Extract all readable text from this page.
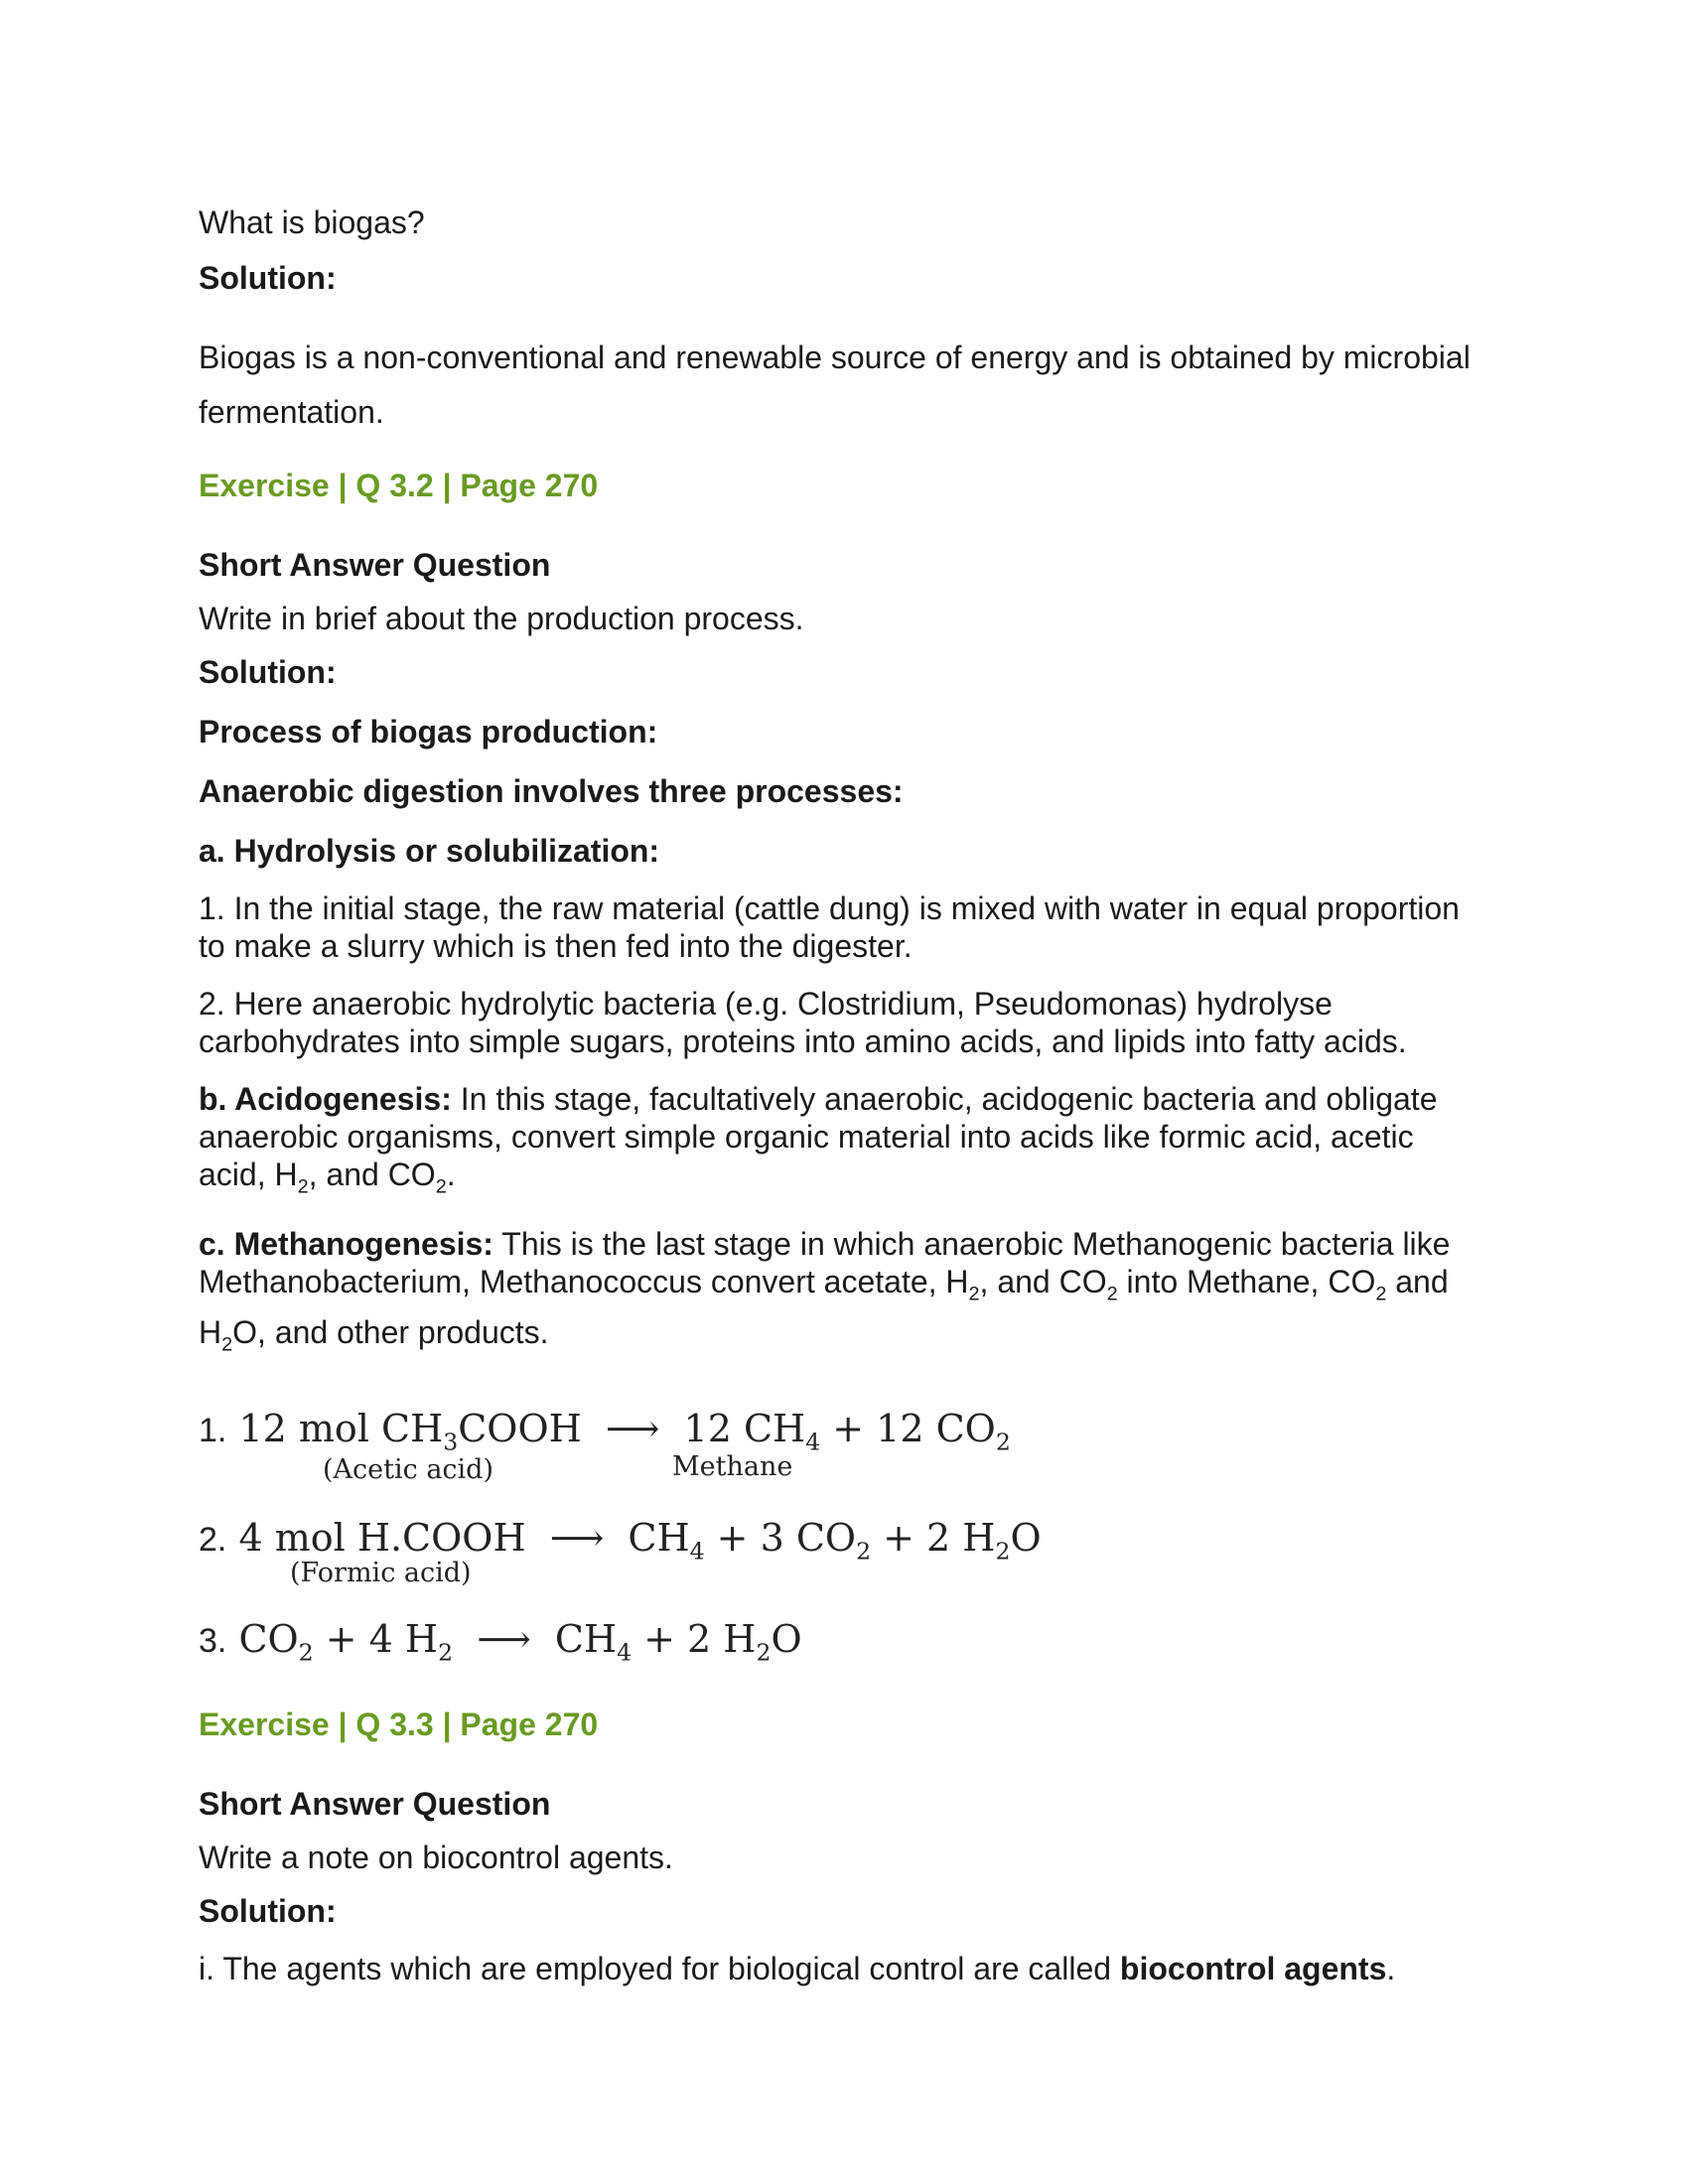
What is biogas?
Solution:
Biogas is a non-conventional and renewable source of energy and is obtained by microbial fermentation.
Exercise | Q 3.2 | Page 270
Short Answer Question
Write in brief about the production process.
Solution:
Process of biogas production:
Anaerobic digestion involves three processes:
a. Hydrolysis or solubilization:
1. In the initial stage, the raw material (cattle dung) is mixed with water in equal proportion to make a slurry which is then fed into the digester.
2. Here anaerobic hydrolytic bacteria (e.g. Clostridium, Pseudomonas) hydrolyse carbohydrates into simple sugars, proteins into amino acids, and lipids into fatty acids.
b. Acidogenesis: In this stage, facultatively anaerobic, acidogenic bacteria and obligate anaerobic organisms, convert simple organic material into acids like formic acid, acetic acid, $H_2$, and $CO_2$.
c. Methanogenesis: This is the last stage in which anaerobic Methanogenic bacteria like Methanobacterium, Methanococcus convert acetate, $H_2$, and $CO_2$ into Methane, $CO_2$ and $H_2O$, and other products.
1. 12 mol $CH_3COOH$  ⟶  12 $CH_4 + 12$ $CO_2$
(Acetic acid)	Methane
2. 4 mol H.COOH  ⟶  $CH_4 + 3$ $CO_2 + 2$ $H_2O$
(Formic acid)
3. $CO_2 + 4$ $H_2$  ⟶  $CH_4 + 2$ $H_2O$
Exercise | Q 3.3 | Page 270
Short Answer Question
Write a note on biocontrol agents.
Solution:
i. The agents which are employed for biological control are called biocontrol agents.
